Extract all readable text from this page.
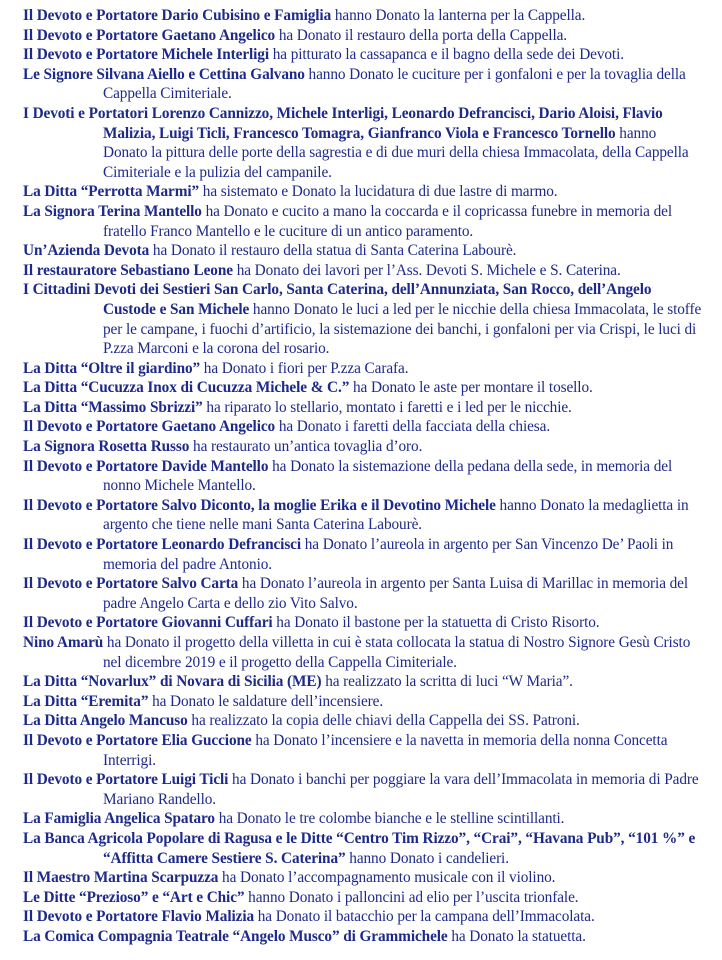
Il Devoto e Portatore Dario Cubisino e Famiglia hanno Donato la lanterna per la Cappella.

Il Devoto e Portatore Gaetano Angelico ha Donato il restauro della porta della Cappella.

Il Devoto e Portatore Michele Interligi ha pitturato la cassapanca e il bagno della sede dei Devoti.

Le Signore Silvana Aiello e Cettina Galvano hanno Donato le cuciture per i gonfaloni e per la tovaglia della Cappella Cimiteriale.

I Devoti e Portatori Lorenzo Cannizzo, Michele Interligi, Leonardo Defrancisci, Dario Aloisi, Flavio Malizia, Luigi Ticli, Francesco Tomagra, Gianfranco Viola e Francesco Tornello hanno Donato la pittura delle porte della sagrestia e di due muri della chiesa Immacolata, della Cappella Cimiteriale e la pulizia del campanile.

La Ditta “Perrotta Marmi” ha sistemato e Donato la lucidatura di due lastre di marmo.

La Signora Terina Mantello ha Donato e cucito a mano la coccarda e il copricassa funebre in memoria del fratello Franco Mantello e le cuciture di un antico paramento.

Un’Azienda Devota ha Donato il restauro della statua di Santa Caterina Labourè.

Il restauratore Sebastiano Leone ha Donato dei lavori per l’Ass. Devoti S. Michele e S. Caterina.

I Cittadini Devoti dei Sestieri San Carlo, Santa Caterina, dell’Annunziata, San Rocco, dell’Angelo Custode e San Michele hanno Donato le luci a led per le nicchie della chiesa Immacolata, le stoffe per le campane, i fuochi d’artificio, la sistemazione dei banchi, i gonfaloni per via Crispi, le luci di P.zza Marconi e la corona del rosario.

La Ditta “Oltre il giardino” ha Donato i fiori per P.zza Carafa.

La Ditta “Cucuzza Inox di Cucuzza Michele & C.” ha Donato le aste per montare il tosello.

La Ditta “Massimo Sbrizzi” ha riparato lo stellario, montato i faretti e i led per le nicchie.

Il Devoto e Portatore Gaetano Angelico ha Donato i faretti della facciata della chiesa.

La Signora Rosetta Russo ha restaurato un’antica tovaglia d’oro.

Il Devoto e Portatore Davide Mantello ha Donato la sistemazione della pedana della sede, in memoria del nonno Michele Mantello.

Il Devoto e Portatore Salvo Diconto, la moglie Erika e il Devotino Michele hanno Donato la medaglietta in argento che tiene nelle mani Santa Caterina Labourè.

Il Devoto e Portatore Leonardo Defrancisci ha Donato l’aureola in argento per San Vincenzo De’ Paoli in memoria del padre Antonio.

Il Devoto e Portatore Salvo Carta ha Donato l’aureola in argento per Santa Luisa di Marillac in memoria del padre Angelo Carta e dello zio Vito Salvo.

Il Devoto e Portatore Giovanni Cuffari ha Donato il bastone per la statuetta di Cristo Risorto.

Nino Amarù ha Donato il progetto della villetta in cui è stata collocata la statua di Nostro Signore Gesù Cristo nel dicembre 2019 e il progetto della Cappella Cimiteriale.

La Ditta “Novarlux” di Novara di Sicilia (ME) ha realizzato la scritta di luci “W Maria”.

La Ditta “Eremita” ha Donato le saldature dell’incensiere.

La Ditta Angelo Mancuso ha realizzato la copia delle chiavi della Cappella dei SS. Patroni.

Il Devoto e Portatore Elia Guccione ha Donato l’incensiere e la navetta in memoria della nonna Concetta Interrigi.

Il Devoto e Portatore Luigi Ticli ha Donato i banchi per poggiare la vara dell’Immacolata in memoria di Padre Mariano Randello.

La Famiglia Angelica Spataro ha Donato le tre colombe bianche e le stelline scintillanti.

La Banca Agricola Popolare di Ragusa e le Ditte “Centro Tim Rizzo”, “Crai”, “Havana Pub”, “101 %” e “Affitta Camere Sestiere S. Caterina” hanno Donato i candelieri.

Il Maestro Martina Scarpuzza ha Donato l’accompagnamento musicale con il violino.

Le Ditte “Prezioso” e “Art e Chic” hanno Donato i palloncini ad elio per l’uscita trionfale.

Il Devoto e Portatore Flavio Malizia ha Donato il batacchio per la campana dell’Immacolata.

La Comica Compagnia Teatrale “Angelo Musco” di Grammichele ha Donato la statuetta.
